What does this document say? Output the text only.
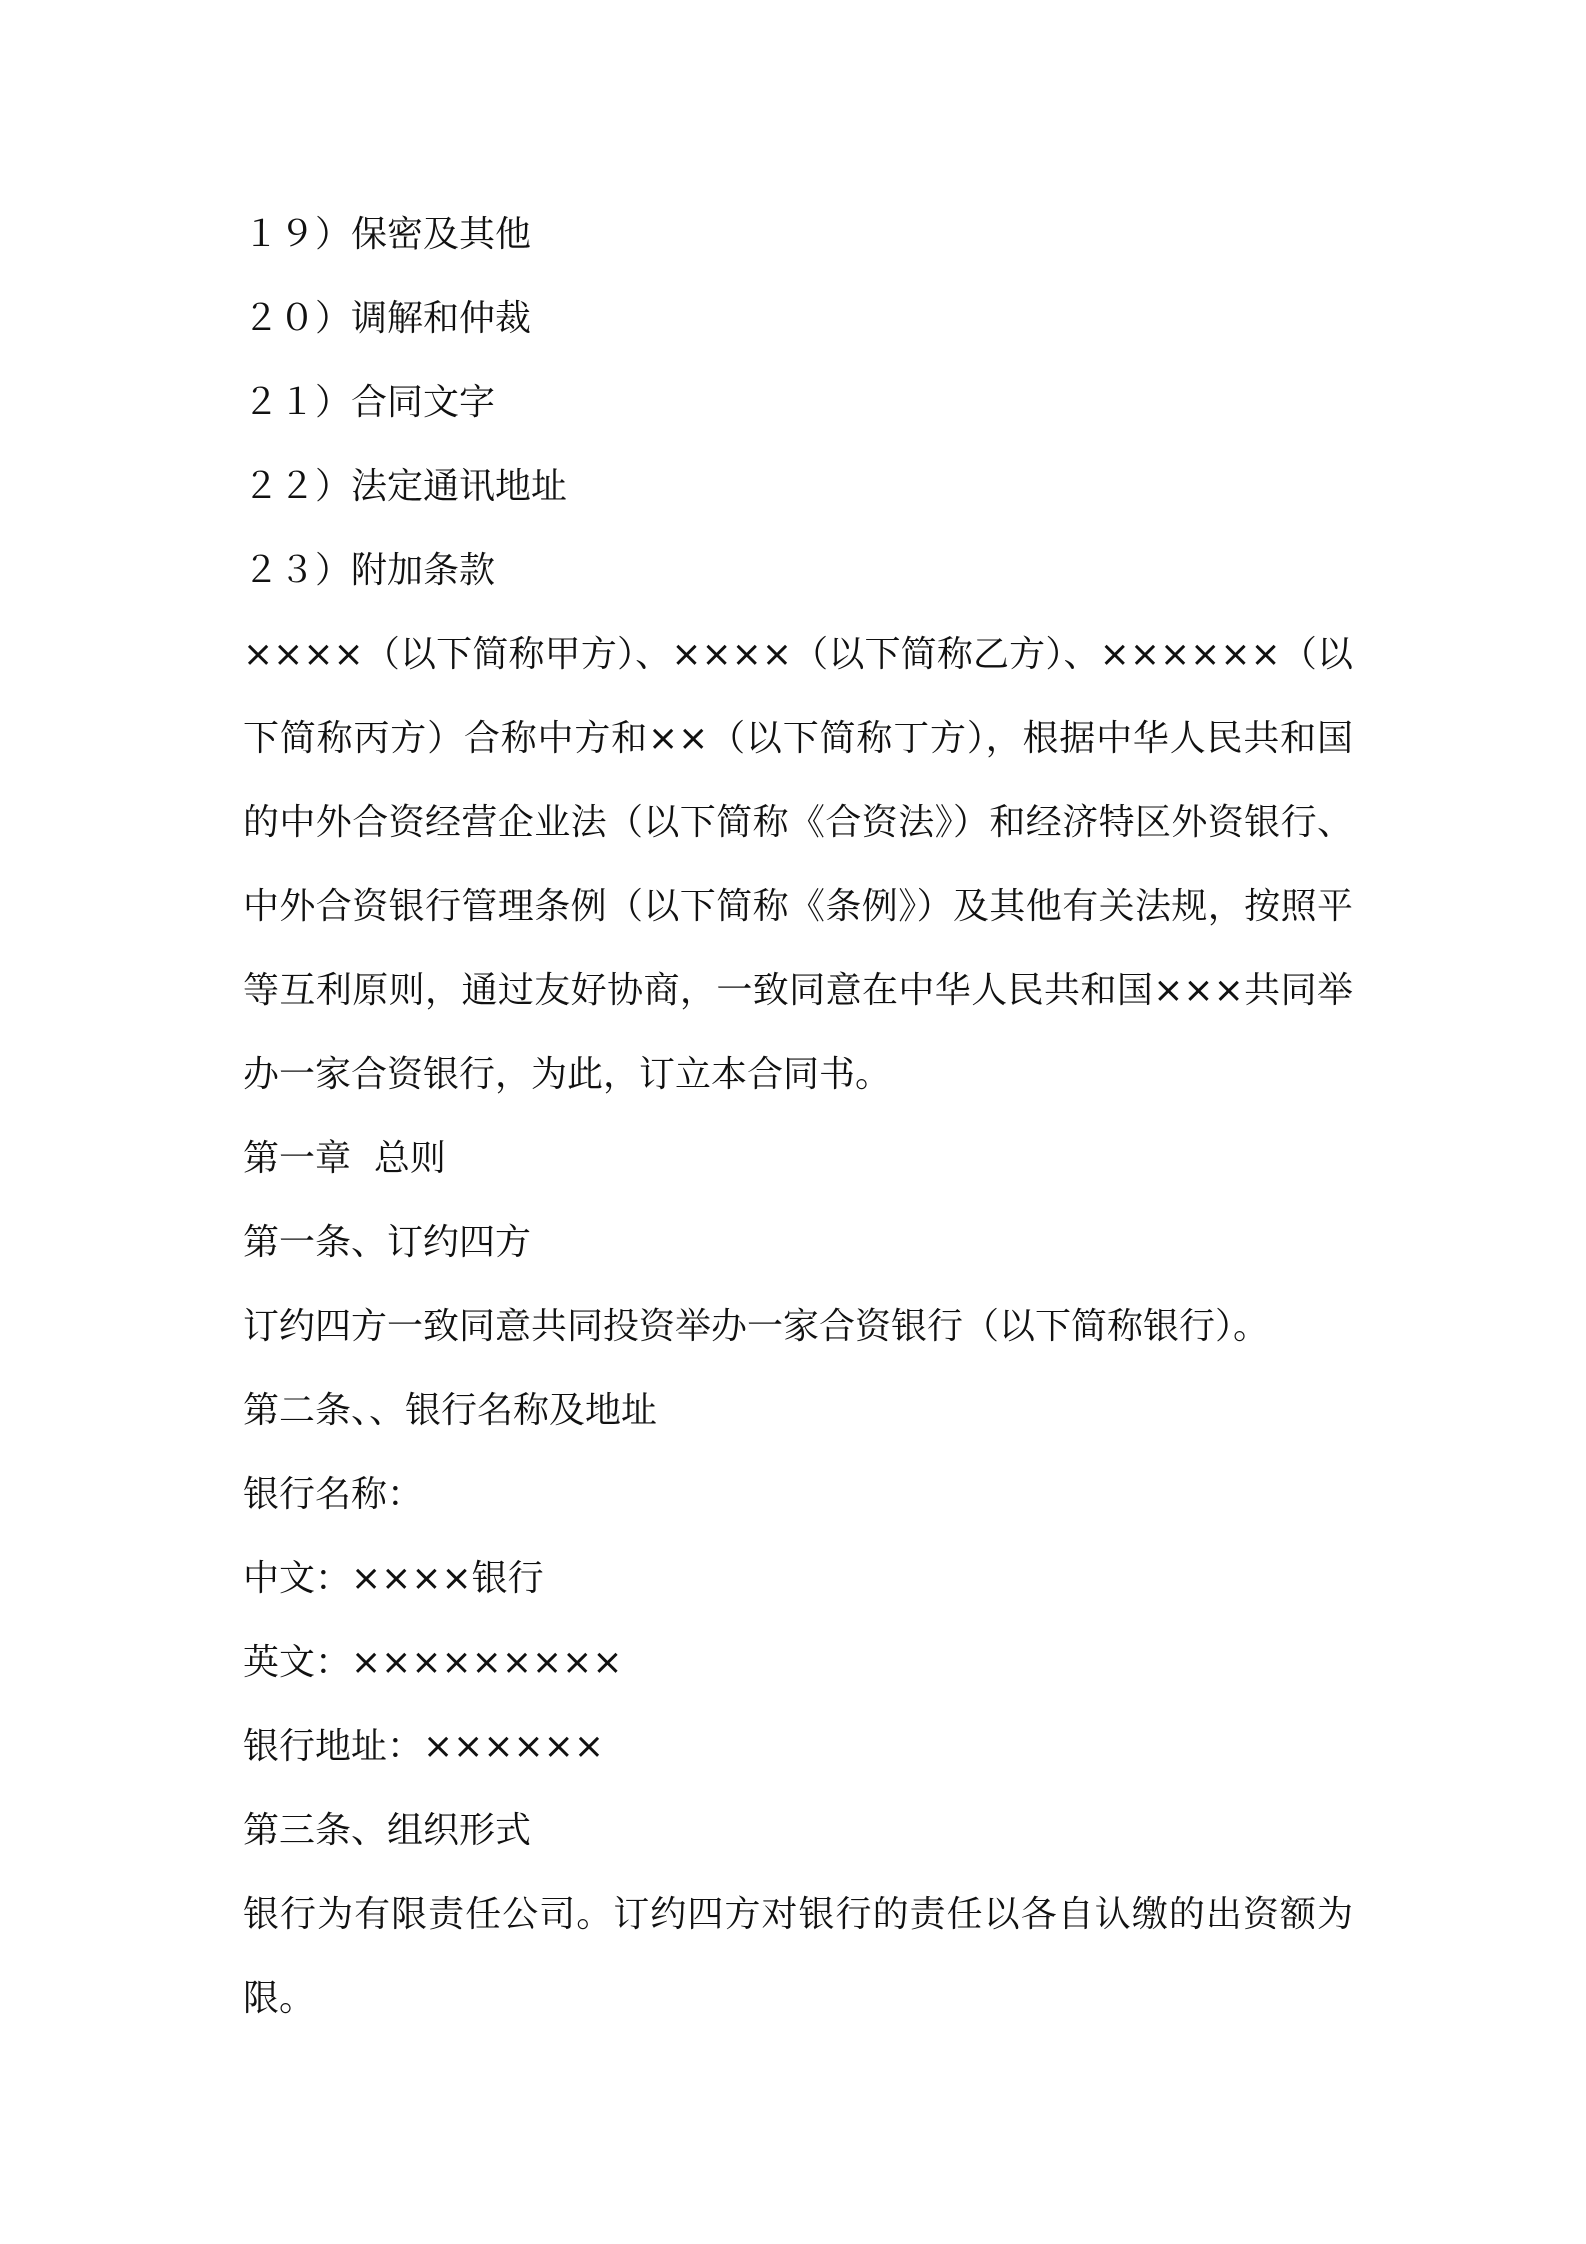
１９）保密及其他
２０）调解和仲裁
２１）合同文字
２２）法定通讯地址
２３）附加条款
××××（以下简称甲方）、××××（以下简称乙方）、××××××（以下简称丙方）合称中方和××（以下简称丁方），根据中华人民共和国的中外合资经营企业法（以下简称《合资法》）和经济特区外资银行、中外合资银行管理条例（以下简称《条例》）及其他有关法规，按照平等互利原则，通过友好协商，一致同意在中华人民共和国×××共同举办一家合资银行，为此，订立本合同书。
第一章  总则
第一条、订约四方
订约四方一致同意共同投资举办一家合资银行（以下简称银行）。
第二条、、银行名称及地址
银行名称：
中文：××××银行
英文：×××××××××
银行地址：××××××
第三条、组织形式
银行为有限责任公司。订约四方对银行的责任以各自认缴的出资额为限。
